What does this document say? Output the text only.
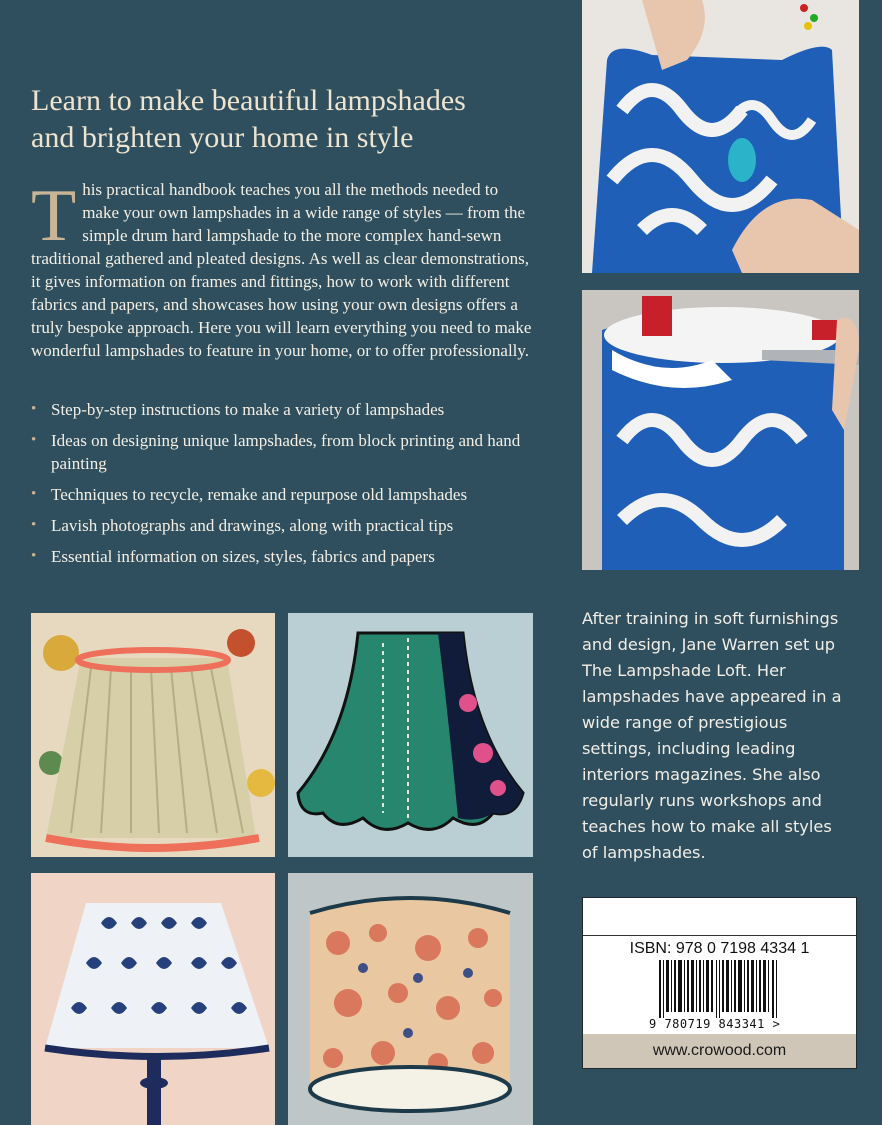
Learn to make beautiful lampshades
and brighten your home in style

This practical handbook teaches you all the methods needed to make your own lampshades in a wide range of styles — from the simple drum hard lampshade to the more complex hand-sewn traditional gathered and pleated designs. As well as clear demonstrations, it gives information on frames and fittings, how to work with different fabrics and papers, and showcases how using your own designs offers a truly bespoke approach. Here you will learn everything you need to make wonderful lampshades to feature in your home, or to offer professionally.

• Step-by-step instructions to make a variety of lampshades
• Ideas on designing unique lampshades, from block printing and hand painting
• Techniques to recycle, remake and repurpose old lampshades
• Lavish photographs and drawings, along with practical tips
• Essential information on sizes, styles, fabrics and papers

After training in soft furnishings and design, Jane Warren set up The Lampshade Loft. Her lampshades have appeared in a wide range of prestigious settings, including leading interiors magazines. She also regularly runs workshops and teaches how to make all styles of lampshades.

ISBN: 978 0 7198 4334 1
9 780719 843341 >
www.crowood.com
